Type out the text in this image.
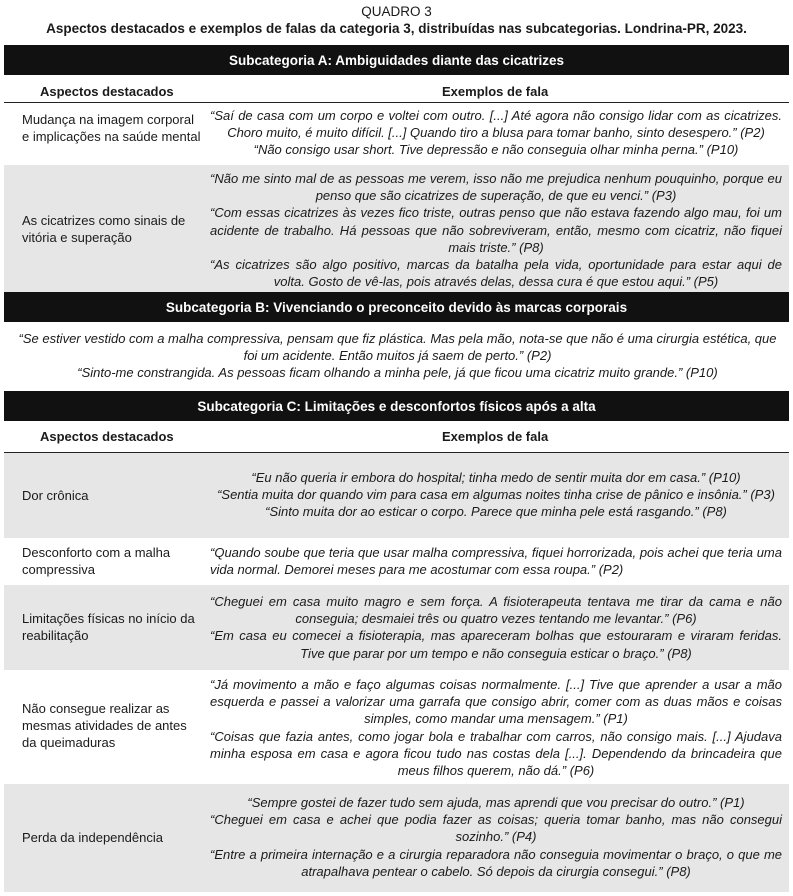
QUADRO 3
Aspectos destacados e exemplos de falas da categoria 3, distribuídas nas subcategorias. Londrina-PR, 2023.
Subcategoria A: Ambiguidades diante das cicatrizes
Aspectos destacados	Exemplos de fala
Mudança na imagem corporal e implicações na saúde mental
“Saí de casa com um corpo e voltei com outro. [...] Até agora não consigo lidar com as cicatrizes. Choro muito, é muito difícil. [...] Quando tiro a blusa para tomar banho, sinto desespero.” (P2)
“Não consigo usar short. Tive depressão e não conseguia olhar minha perna.” (P10)
As cicatrizes como sinais de vitória e superação
“Não me sinto mal de as pessoas me verem, isso não me prejudica nenhum pouquinho, porque eu penso que são cicatrizes de superação, de que eu venci.” (P3)
“Com essas cicatrizes às vezes fico triste, outras penso que não estava fazendo algo mau, foi um acidente de trabalho. Há pessoas que não sobreviveram, então, mesmo com cicatriz, não fiquei mais triste.” (P8)
“As cicatrizes são algo positivo, marcas da batalha pela vida, oportunidade para estar aqui de volta. Gosto de vê-las, pois através delas, dessa cura é que estou aqui.” (P5)
Subcategoria B: Vivenciando o preconceito devido às marcas corporais
“Se estiver vestido com a malha compressiva, pensam que fiz plástica. Mas pela mão, nota-se que não é uma cirurgia estética, que foi um acidente. Então muitos já saem de perto.” (P2)
“Sinto-me constrangida. As pessoas ficam olhando a minha pele, já que ficou uma cicatriz muito grande.” (P10)
Subcategoria C: Limitações e desconfortos físicos após a alta
Aspectos destacados	Exemplos de fala
Dor crônica
“Eu não queria ir embora do hospital; tinha medo de sentir muita dor em casa.” (P10)
“Sentia muita dor quando vim para casa em algumas noites tinha crise de pânico e insônia.” (P3)
“Sinto muita dor ao esticar o corpo. Parece que minha pele está rasgando.” (P8)
Desconforto com a malha compressiva
“Quando soube que teria que usar malha compressiva, fiquei horrorizada, pois achei que teria uma vida normal. Demorei meses para me acostumar com essa roupa.” (P2)
Limitações físicas no início da reabilitação
“Cheguei em casa muito magro e sem força. A fisioterapeuta tentava me tirar da cama e não conseguia; desmaiei três ou quatro vezes tentando me levantar.” (P6)
“Em casa eu comecei a fisioterapia, mas apareceram bolhas que estouraram e viraram feridas. Tive que parar por um tempo e não conseguia esticar o braço.” (P8)
Não consegue realizar as mesmas atividades de antes da queimaduras
“Já movimento a mão e faço algumas coisas normalmente. [...] Tive que aprender a usar a mão esquerda e passei a valorizar uma garrafa que consigo abrir, comer com as duas mãos e coisas simples, como mandar uma mensagem.” (P1)
“Coisas que fazia antes, como jogar bola e trabalhar com carros, não consigo mais. [...] Ajudava minha esposa em casa e agora ficou tudo nas costas dela [...]. Dependendo da brincadeira que meus filhos querem, não dá.” (P6)
Perda da independência
“Sempre gostei de fazer tudo sem ajuda, mas aprendi que vou precisar do outro.” (P1)
“Cheguei em casa e achei que podia fazer as coisas; queria tomar banho, mas não consegui sozinho.” (P4)
“Entre a primeira internação e a cirurgia reparadora não conseguia movimentar o braço, o que me atrapalhava pentear o cabelo. Só depois da cirurgia consegui.” (P8)
